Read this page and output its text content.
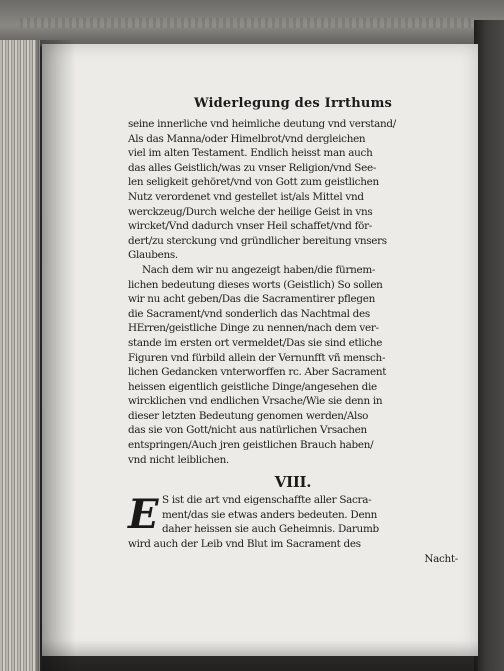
Widerlegung des Irrthums

seine innerliche vnd heimliche deutung vnd verstand/

Als das Manna/oder Himelbrot/vnd dergleichen

viel im alten Testament. Endlich heisst man auch

das alles Geistlich/was zu vnser Religion/vnd See-

len seligkeit gehöret/vnd von Gott zum geistlichen

Nutz verordenet vnd gestellet ist/als Mittel vnd

werckzeug/Durch welche der heilige Geist in vns

wircket/Vnd dadurch vnser Heil schaffet/vnd för-

dert/zu sterckung vnd gründlicher bereitung vnsers

Glaubens.

Nach dem wir nu angezeigt haben/die fürnem-

lichen bedeutung dieses worts (Geistlich) So sollen

wir nu acht geben/Das die Sacramentirer pflegen

die Sacrament/vnd sonderlich das Nachtmal des

HErren/geistliche Dinge zu nennen/nach dem ver-

stande im ersten ort vermeldet/Das sie sind etliche

Figuren vnd fürbild allein der Vernunfft vñ mensch-

lichen Gedancken vnterworffen rc. Aber Sacrament

heissen eigentlich geistliche Dinge/angesehen die

wircklichen vnd endlichen Vrsache/Wie sie denn in

dieser letzten Bedeutung genomen werden/Also

das sie von Gott/nicht aus natürlichen Vrsachen

entspringen/Auch jren geistlichen Brauch haben/

vnd nicht leiblichen.

VIII.
E S ist die art vnd eigenschaffte aller Sacra-

ment/das sie etwas anders bedeuten. Denn

daher heissen sie auch Geheimnis. Darumb

wird auch der Leib vnd Blut im Sacrament des

Nacht-
